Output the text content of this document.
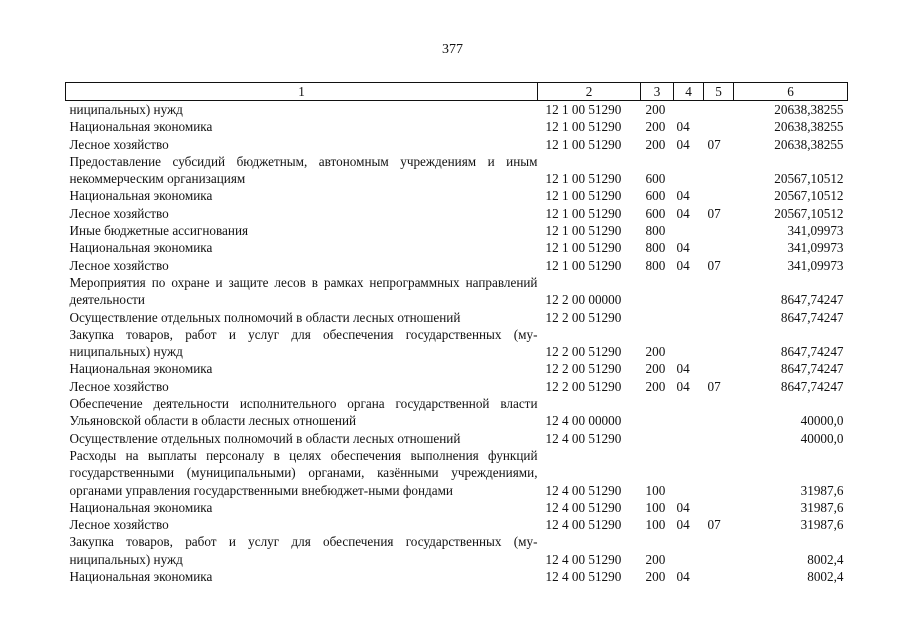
377
1	2	3	4	5	6
ниципальных) нужд	12 1 00 51290	200			20638,38255
Национальная экономика	12 1 00 51290	200	04		20638,38255
Лесное хозяйство	12 1 00 51290	200	04	07	20638,38255
Предоставление субсидий бюджетным, автономным учреждениям и иным некоммерческим организациям	12 1 00 51290	600			20567,10512
Национальная экономика	12 1 00 51290	600	04		20567,10512
Лесное хозяйство	12 1 00 51290	600	04	07	20567,10512
Иные бюджетные ассигнования	12 1 00 51290	800			341,09973
Национальная экономика	12 1 00 51290	800	04		341,09973
Лесное хозяйство	12 1 00 51290	800	04	07	341,09973
Мероприятия по охране и защите лесов в рамках непрограммных направлений деятельности	12 2 00 00000				8647,74247
Осуществление отдельных полномочий в области лесных отношений	12 2 00 51290				8647,74247
Закупка товаров, работ и услуг для обеспечения государственных (му-ниципальных) нужд	12 2 00 51290	200			8647,74247
Национальная экономика	12 2 00 51290	200	04		8647,74247
Лесное хозяйство	12 2 00 51290	200	04	07	8647,74247
Обеспечение деятельности исполнительного органа государственной власти Ульяновской области в области лесных отношений	12 4 00 00000				40000,0
Осуществление отдельных полномочий в области лесных отношений	12 4 00 51290				40000,0
Расходы на выплаты персоналу в целях обеспечения выполнения функций государственными (муниципальными) органами, казёнными учреждениями, органами управления государственными внебюджет-ными фондами	12 4 00 51290	100			31987,6
Национальная экономика	12 4 00 51290	100	04		31987,6
Лесное хозяйство	12 4 00 51290	100	04	07	31987,6
Закупка товаров, работ и услуг для обеспечения государственных (му-ниципальных) нужд	12 4 00 51290	200			8002,4
Национальная экономика	12 4 00 51290	200	04		8002,4
